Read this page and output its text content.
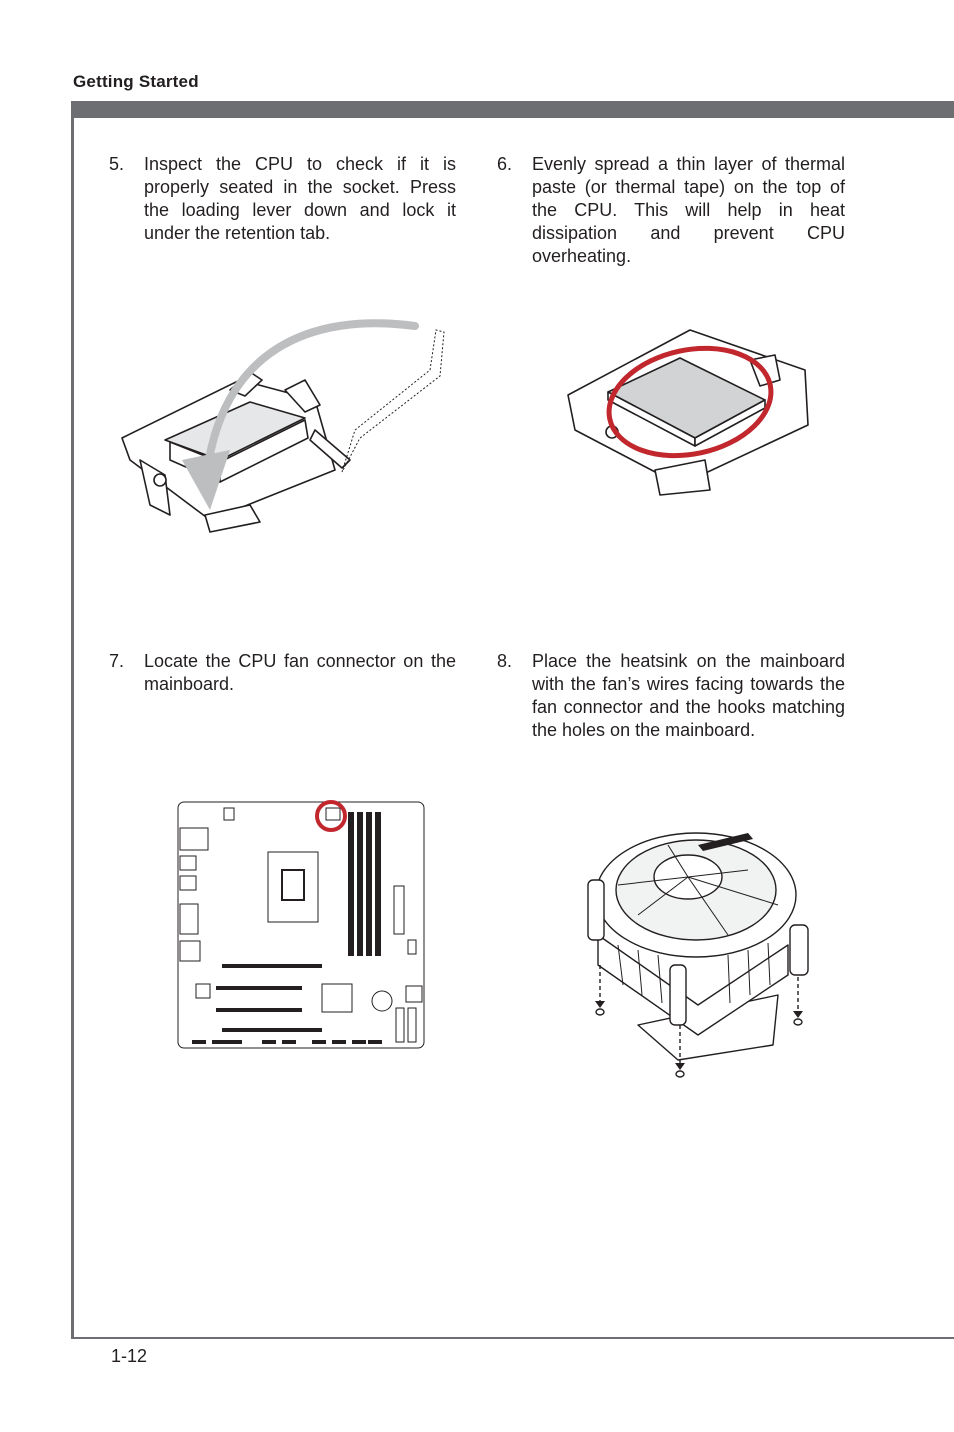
Getting Started
5. Inspect the CPU to check if it is properly seated in the socket. Press the loading lever down and lock it under the retention tab.
6. Evenly spread a thin layer of thermal paste (or thermal tape) on the top of the CPU. This will help in heat dissipation and prevent CPU overheating.
7. Locate the CPU fan connector on the mainboard.
8. Place the heatsink on the mainboard with the fan’s wires facing towards the fan connector and the hooks matching the holes on the mainboard.
1-12
